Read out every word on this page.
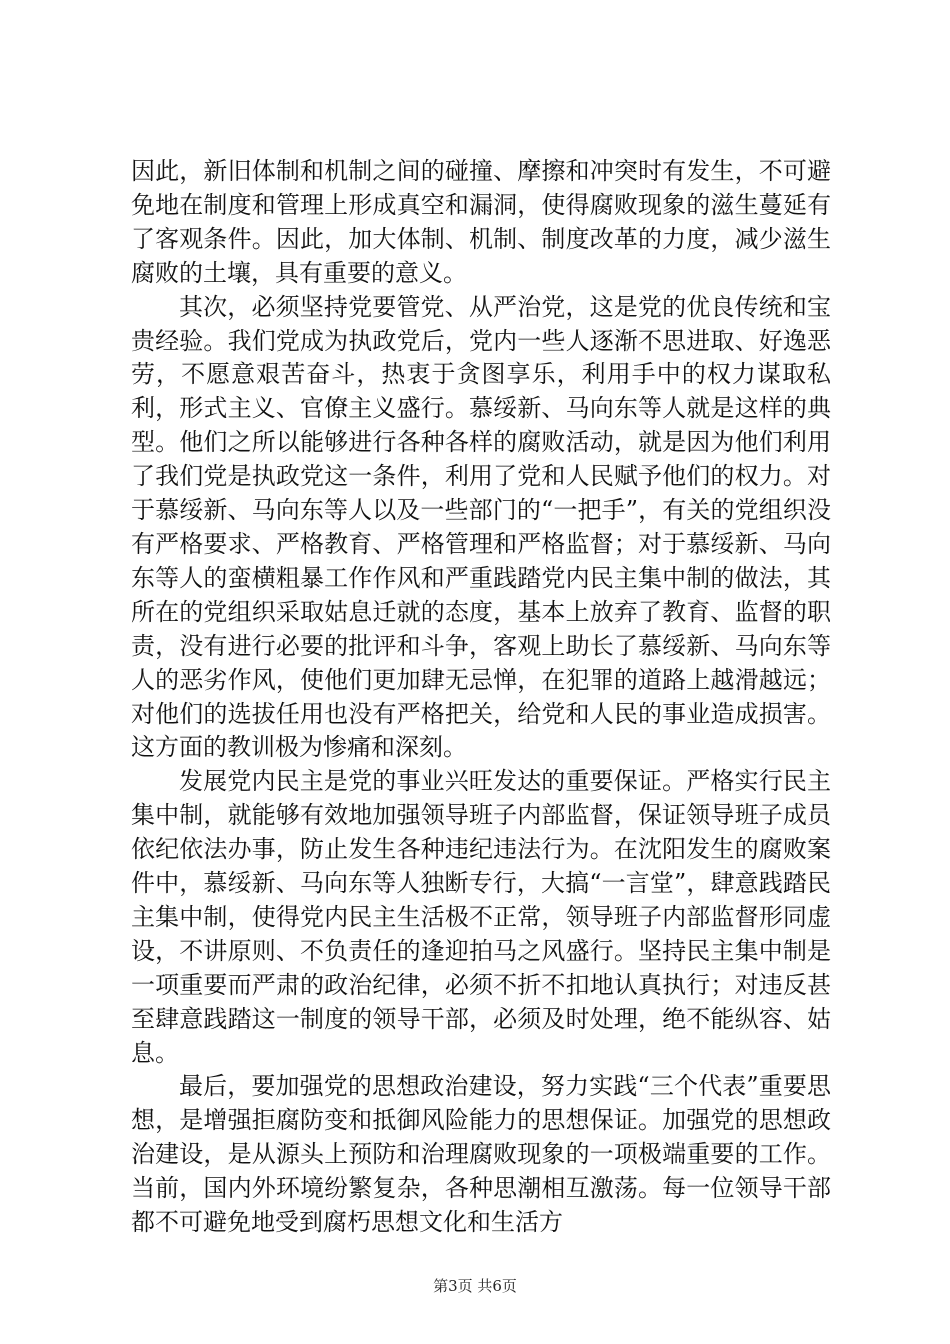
因此，新旧体制和机制之间的碰撞、摩擦和冲突时有发生，不可避免地在制度和管理上形成真空和漏洞，使得腐败现象的滋生蔓延有了客观条件。因此，加大体制、机制、制度改革的力度，减少滋生腐败的土壤，具有重要的意义。

其次，必须坚持党要管党、从严治党，这是党的优良传统和宝贵经验。我们党成为执政党后，党内一些人逐渐不思进取、好逸恶劳，不愿意艰苦奋斗，热衷于贪图享乐，利用手中的权力谋取私利，形式主义、官僚主义盛行。慕绥新、马向东等人就是这样的典型。他们之所以能够进行各种各样的腐败活动，就是因为他们利用了我们党是执政党这一条件，利用了党和人民赋予他们的权力。对于慕绥新、马向东等人以及一些部门的“一把手”，有关的党组织没有严格要求、严格教育、严格管理和严格监督；对于慕绥新、马向东等人的蛮横粗暴工作作风和严重践踏党内民主集中制的做法，其所在的党组织采取姑息迁就的态度，基本上放弃了教育、监督的职责，没有进行必要的批评和斗争，客观上助长了慕绥新、马向东等人的恶劣作风，使他们更加肆无忌惮，在犯罪的道路上越滑越远；对他们的选拔任用也没有严格把关，给党和人民的事业造成损害。这方面的教训极为惨痛和深刻。

发展党内民主是党的事业兴旺发达的重要保证。严格实行民主集中制，就能够有效地加强领导班子内部监督，保证领导班子成员依纪依法办事，防止发生各种违纪违法行为。在沈阳发生的腐败案件中，慕绥新、马向东等人独断专行，大搞“一言堂”，肆意践踏民主集中制，使得党内民主生活极不正常，领导班子内部监督形同虚设，不讲原则、不负责任的逢迎拍马之风盛行。坚持民主集中制是一项重要而严肃的政治纪律，必须不折不扣地认真执行；对违反甚至肆意践踏这一制度的领导干部，必须及时处理，绝不能纵容、姑息。

最后，要加强党的思想政治建设，努力实践“三个代表”重要思想，是增强拒腐防变和抵御风险能力的思想保证。加强党的思想政治建设，是从源头上预防和治理腐败现象的一项极端重要的工作。当前，国内外环境纷繁复杂，各种思潮相互激荡。每一位领导干部都不可避免地受到腐朽思想文化和生活方

第3页 共6页
